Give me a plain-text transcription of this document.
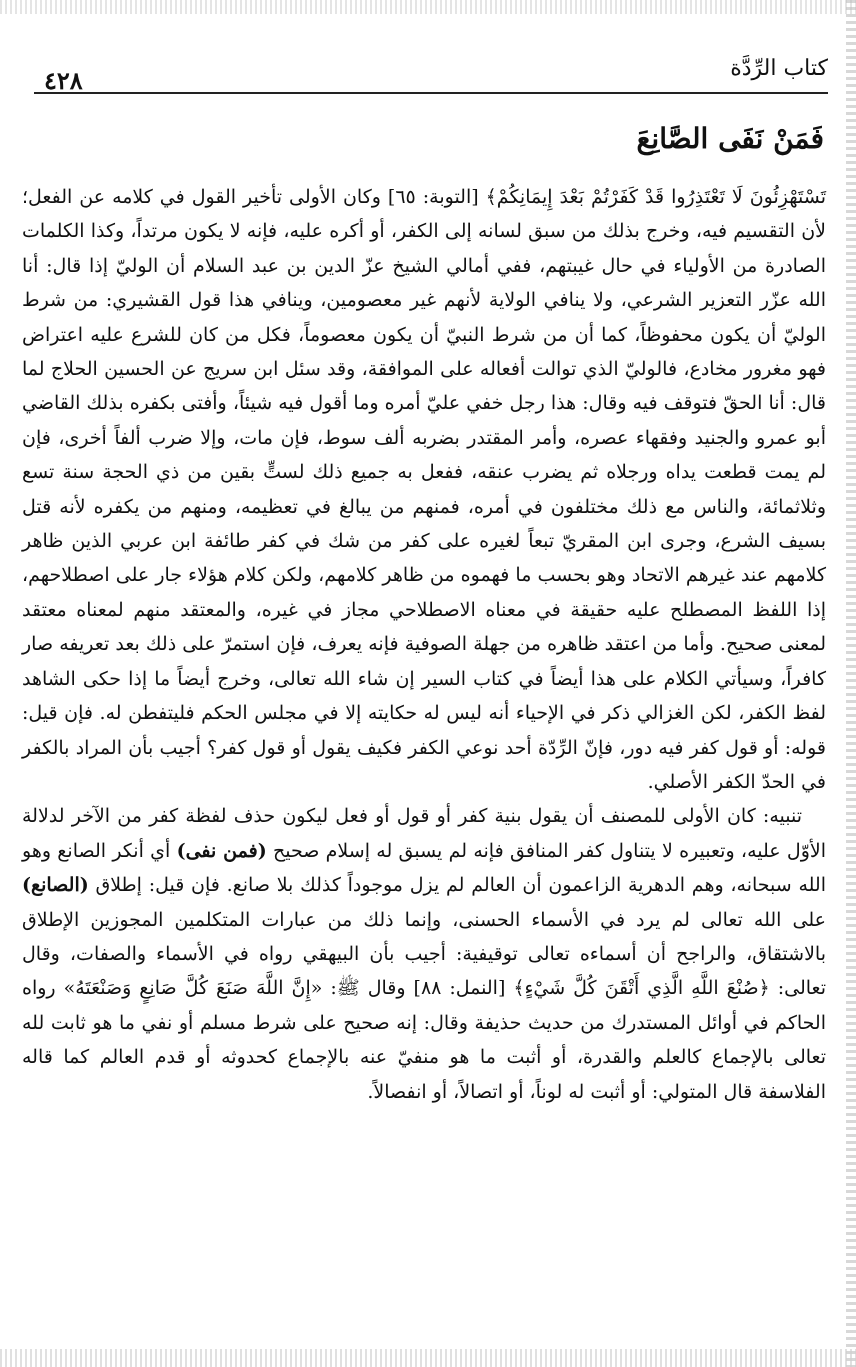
٤٢٨	كتاب الرِّدَّة
فَمَنْ نَفَى الصَّانِعَ

تَسْتَهْزِئُونَ لَا تَعْتَذِرُوا قَدْ كَفَرْتُمْ بَعْدَ إِيمَانِكُمْ﴾ [التوبة: ٦٥] وكان الأولى تأخير القول في كلامه عن الفعل؛ لأن التقسيم فيه، وخرج بذلك من سبق لسانه إلى الكفر، أو أكره عليه، فإنه لا يكون مرتداً، وكذا الكلمات الصادرة من الأولياء في حال غيبتهم، ففي أمالي الشيخ عزّ الدين بن عبد السلام أن الوليّ إذا قال: أنا الله عزّر التعزير الشرعي، ولا ينافي الولاية لأنهم غير معصومين، وينافي هذا قول القشيري: من شرط الوليّ أن يكون محفوظاً، كما أن من شرط النبيّ أن يكون معصوماً، فكل من كان للشرع عليه اعتراض فهو مغرور مخادع، فالوليّ الذي توالت أفعاله على الموافقة، وقد سئل ابن سريج عن الحسين الحلاج لما قال: أنا الحقّ فتوقف فيه وقال: هذا رجل خفي عليّ أمره وما أقول فيه شيئاً، وأفتى بكفره بذلك القاضي أبو عمرو والجنيد وفقهاء عصره، وأمر المقتدر بضربه ألف سوط، فإن مات، وإلا ضرب ألفاً أخرى، فإن لم يمت قطعت يداه ورجلاه ثم يضرب عنقه، ففعل به جميع ذلك لستٍّ بقين من ذي الحجة سنة تسع وثلاثمائة، والناس مع ذلك مختلفون في أمره، فمنهم من يبالغ في تعظيمه، ومنهم من يكفره لأنه قتل بسيف الشرع، وجرى ابن المقريّ تبعاً لغيره على كفر من شك في كفر طائفة ابن عربي الذين ظاهر كلامهم عند غيرهم الاتحاد وهو بحسب ما فهموه من ظاهر كلامهم، ولكن كلام هؤلاء جار على اصطلاحهم، إذا اللفظ المصطلح عليه حقيقة في معناه الاصطلاحي مجاز في غيره، والمعتقد منهم لمعناه معتقد لمعنى صحيح. وأما من اعتقد ظاهره من جهلة الصوفية فإنه يعرف، فإن استمرّ على ذلك بعد تعريفه صار كافراً، وسيأتي الكلام على هذا أيضاً في كتاب السير إن شاء الله تعالى، وخرج أيضاً ما إذا حكى الشاهد لفظ الكفر، لكن الغزالي ذكر في الإحياء أنه ليس له حكايته إلا في مجلس الحكم فليتفطن له. فإن قيل: قوله: أو قول كفر فيه دور، فإنّ الرِّدّة أحد نوعي الكفر فكيف يقول أو قول كفر؟ أجيب بأن المراد بالكفر في الحدّ الكفر الأصلي.

تنبيه: كان الأولى للمصنف أن يقول بنية كفر أو قول أو فعل ليكون حذف لفظة كفر من الآخر لدلالة الأوّل عليه، وتعبيره لا يتناول كفر المنافق فإنه لم يسبق له إسلام صحيح (فمن نفى) أي أنكر الصانع وهو الله سبحانه، وهم الدهرية الزاعمون أن العالم لم يزل موجوداً كذلك بلا صانع. فإن قيل: إطلاق (الصانع) على الله تعالى لم يرد في الأسماء الحسنى، وإنما ذلك من عبارات المتكلمين المجوزين الإطلاق بالاشتقاق، والراجح أن أسماءه تعالى توقيفية: أجيب بأن البيهقي رواه في الأسماء والصفات، وقال تعالى: ﴿صُنْعَ اللَّهِ الَّذِي أَتْقَنَ كُلَّ شَيْءٍ﴾ [النمل: ٨٨] وقال ﷺ: «إِنَّ اللَّهَ صَنَعَ كُلَّ صَانِعٍ وَصَنْعَتَهُ» رواه الحاكم في أوائل المستدرك من حديث حذيفة وقال: إنه صحيح على شرط مسلم أو نفي ما هو ثابت لله تعالى بالإجماع كالعلم والقدرة، أو أثبت ما هو منفيّ عنه بالإجماع كحدوثه أو قدم العالم كما قاله الفلاسفة قال المتولي: أو أثبت له لوناً، أو اتصالاً، أو انفصالاً.
